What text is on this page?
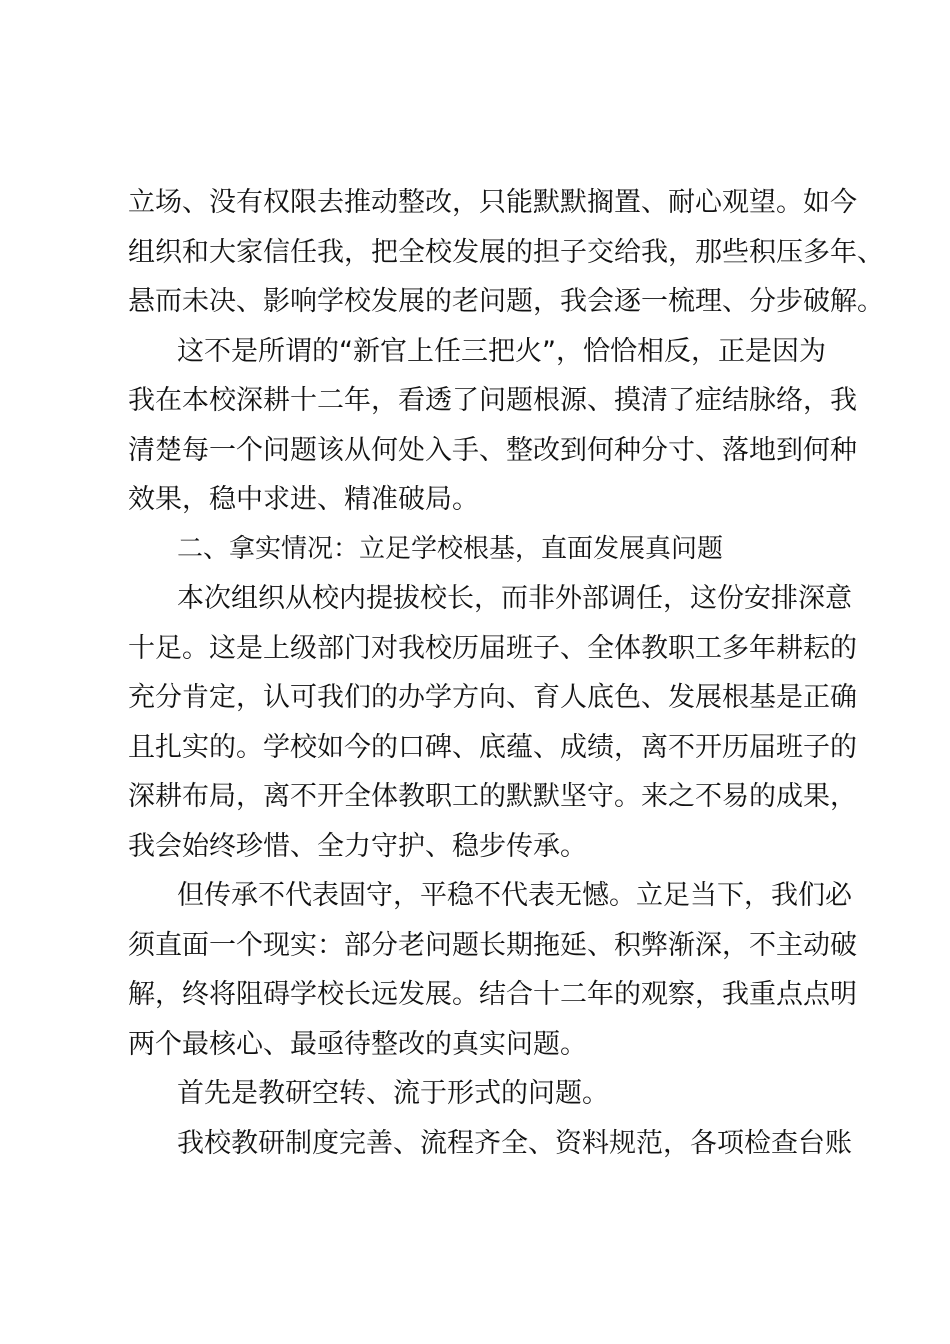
立场、没有权限去推动整改，只能默默搁置、耐心观望。如今
组织和大家信任我，把全校发展的担子交给我，那些积压多年、
悬而未决、影响学校发展的老问题，我会逐一梳理、分步破解。
这不是所谓的“新官上任三把火”，恰恰相反，正是因为
我在本校深耕十二年，看透了问题根源、摸清了症结脉络，我
清楚每一个问题该从何处入手、整改到何种分寸、落地到何种
效果，稳中求进、精准破局。
二、拿实情况：立足学校根基，直面发展真问题
本次组织从校内提拔校长，而非外部调任，这份安排深意
十足。这是上级部门对我校历届班子、全体教职工多年耕耘的
充分肯定，认可我们的办学方向、育人底色、发展根基是正确
且扎实的。学校如今的口碑、底蕴、成绩，离不开历届班子的
深耕布局，离不开全体教职工的默默坚守。来之不易的成果，
我会始终珍惜、全力守护、稳步传承。
但传承不代表固守，平稳不代表无憾。立足当下，我们必
须直面一个现实：部分老问题长期拖延、积弊渐深，不主动破
解，终将阻碍学校长远发展。结合十二年的观察，我重点点明
两个最核心、最亟待整改的真实问题。
首先是教研空转、流于形式的问题。
我校教研制度完善、流程齐全、资料规范，各项检查台账
